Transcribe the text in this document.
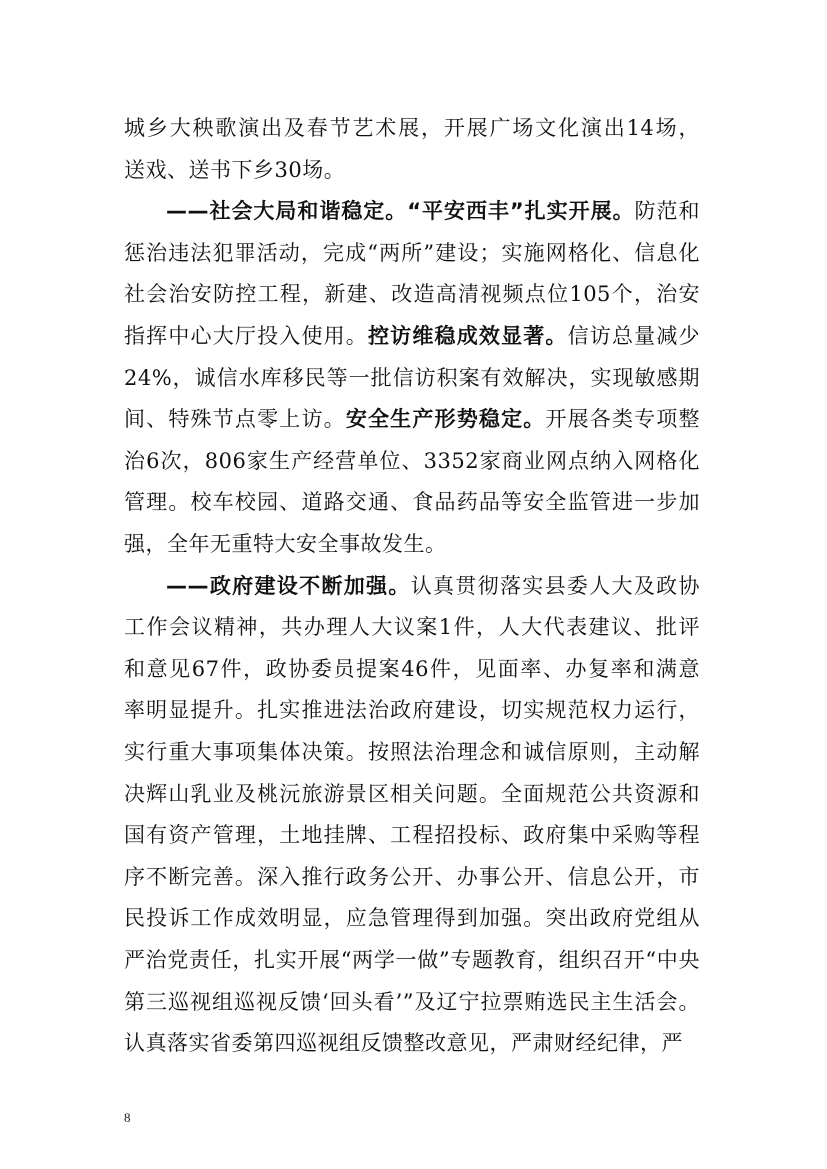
城乡大秧歌演出及春节艺术展，开展广场文化演出14场，
送戏、送书下乡30场。
——社会大局和谐稳定。“平安西丰”扎实开展。防范和
惩治违法犯罪活动，完成“两所”建设；实施网格化、信息化
社会治安防控工程，新建、改造高清视频点位105个，治安
指挥中心大厅投入使用。控访维稳成效显著。信访总量减少
24%，诚信水库移民等一批信访积案有效解决，实现敏感期
间、特殊节点零上访。安全生产形势稳定。开展各类专项整
治6次，806家生产经营单位、3352家商业网点纳入网格化
管理。校车校园、道路交通、食品药品等安全监管进一步加
强，全年无重特大安全事故发生。
——政府建设不断加强。认真贯彻落实县委人大及政协
工作会议精神，共办理人大议案1件，人大代表建议、批评
和意见67件，政协委员提案46件，见面率、办复率和满意
率明显提升。扎实推进法治政府建设，切实规范权力运行，
实行重大事项集体决策。按照法治理念和诚信原则，主动解
决辉山乳业及桃沅旅游景区相关问题。全面规范公共资源和
国有资产管理，土地挂牌、工程招投标、政府集中采购等程
序不断完善。深入推行政务公开、办事公开、信息公开，市
民投诉工作成效明显，应急管理得到加强。突出政府党组从
严治党责任，扎实开展“两学一做”专题教育，组织召开“中央
第三巡视组巡视反馈‘回头看’”及辽宁拉票贿选民主生活会。
认真落实省委第四巡视组反馈整改意见，严肃财经纪律，严
8
